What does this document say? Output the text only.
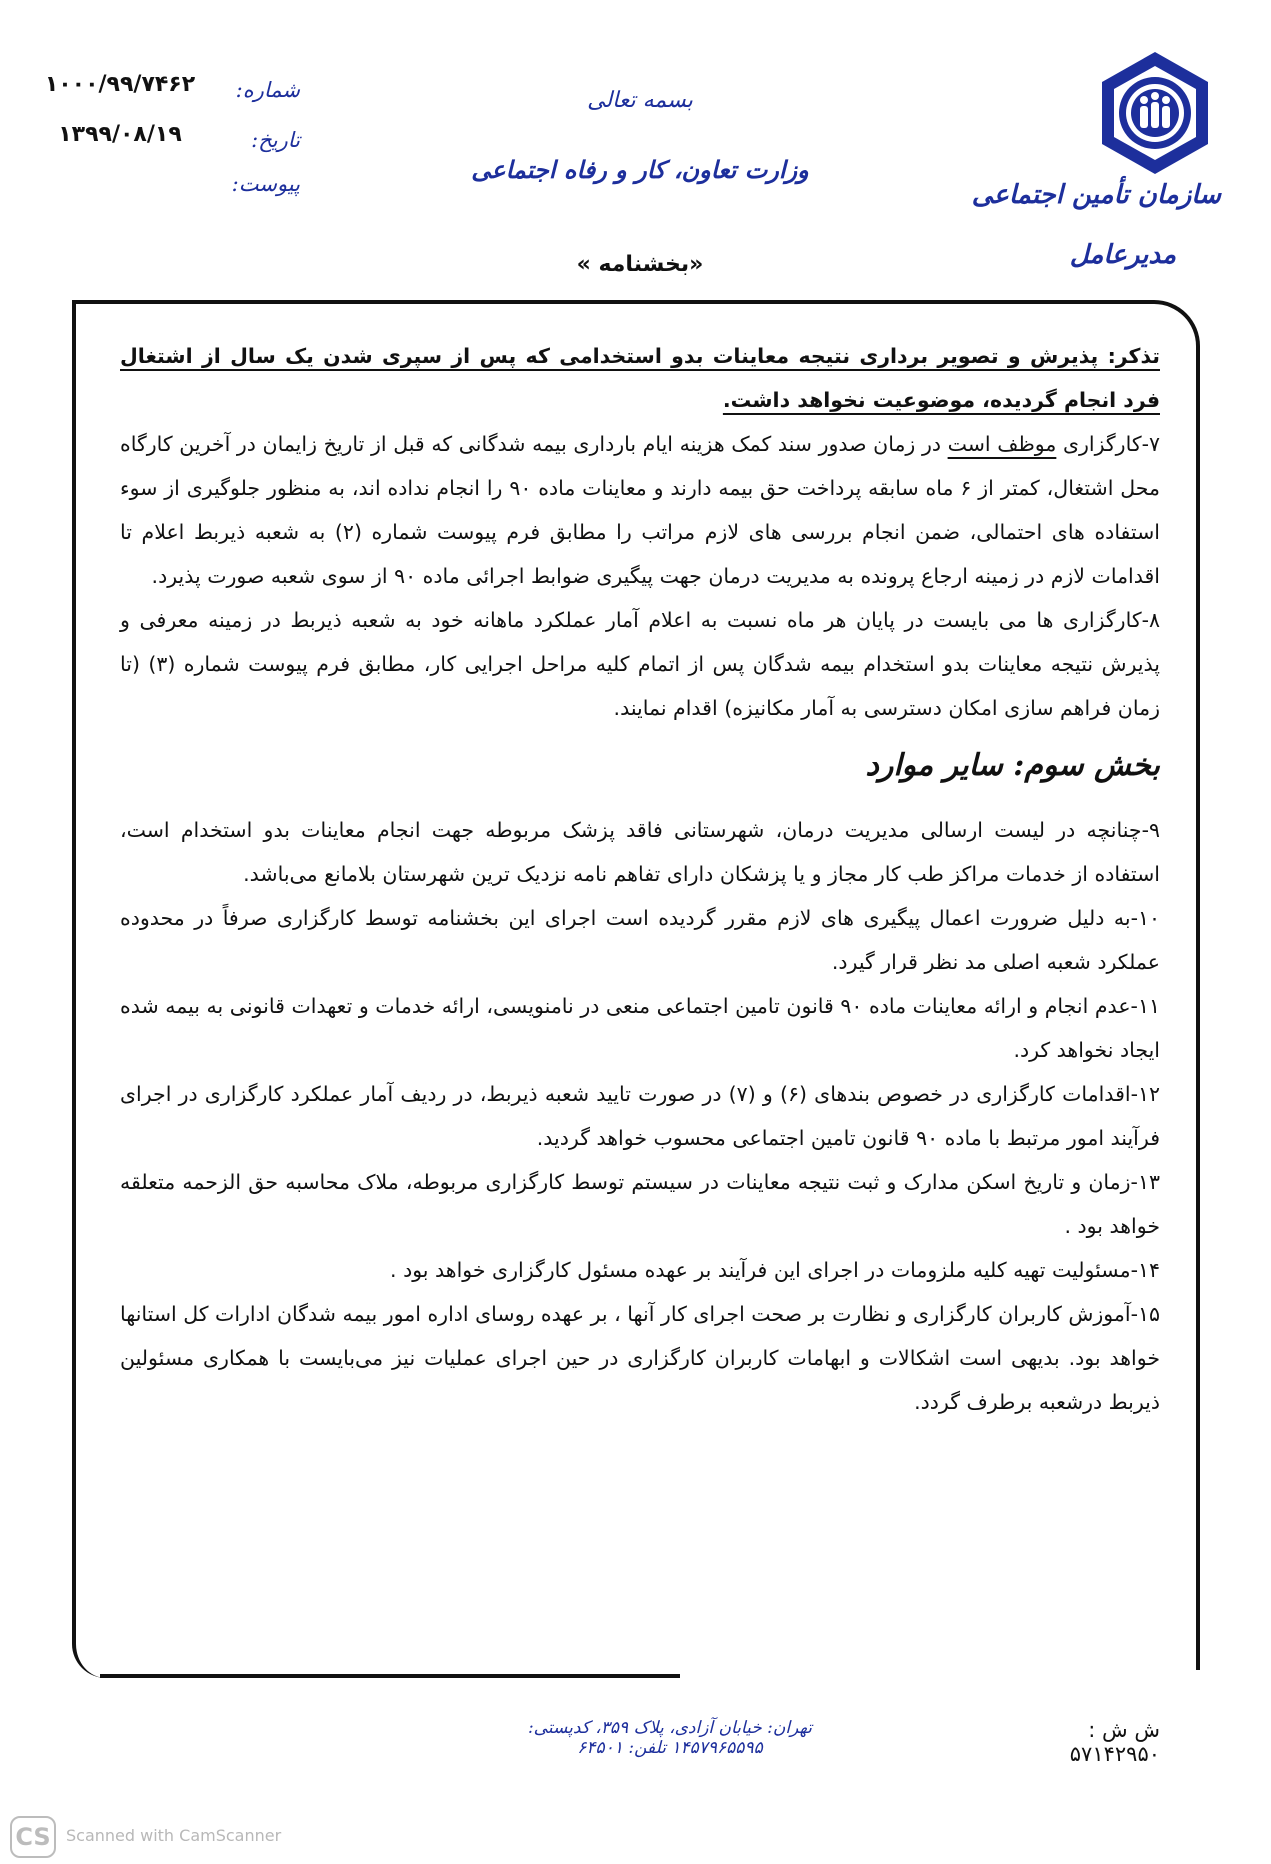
سازمان تأمین اجتماعی
مدیرعامل
بسمه تعالی
وزارت تعاون، کار و رفاه اجتماعی
«بخشنامه »
شماره:
۱۰۰۰/۹۹/۷۴۶۲
تاریخ:
۱۳۹۹/۰۸/۱۹
پیوست:

تذکر: پذیرش و تصویر برداری نتیجه معاینات بدو استخدامی که پس از سپری شدن یک سال از اشتغال فرد انجام گردیده، موضوعیت نخواهد داشت.

۷-کارگزاری موظف است در زمان صدور سند کمک هزینه ایام بارداری بیمه شدگانی که قبل از تاریخ زایمان در آخرین کارگاه محل اشتغال، کمتر از ۶ ماه سابقه پرداخت حق بیمه دارند و معاینات ماده ۹۰ را انجام نداده اند، به منظور جلوگیری از سوء استفاده های احتمالی، ضمن انجام بررسی های لازم مراتب را مطابق فرم پیوست شماره (۲) به شعبه ذیربط اعلام تا اقدامات لازم در زمینه ارجاع پرونده به مدیریت درمان جهت پیگیری ضوابط اجرائی ماده ۹۰ از سوی شعبه صورت پذیرد.

۸-کارگزاری ها می بایست در پایان هر ماه نسبت به اعلام آمار عملکرد ماهانه خود به شعبه ذیربط در زمینه معرفی و پذیرش نتیجه معاینات بدو استخدام بیمه شدگان پس از اتمام کلیه مراحل اجرایی کار، مطابق فرم پیوست شماره (۳) (تا زمان فراهم سازی امکان دسترسی به آمار مکانیزه) اقدام نمایند.

بخش سوم: سایر موارد

۹-چنانچه در لیست ارسالی مدیریت درمان، شهرستانی فاقد پزشک مربوطه جهت انجام معاینات بدو استخدام است، استفاده از خدمات مراکز طب کار مجاز و یا پزشکان دارای تفاهم نامه نزدیک ترین شهرستان بلامانع می‌باشد.

۱۰-به دلیل ضرورت اعمال پیگیری های لازم مقرر گردیده است اجرای این بخشنامه توسط کارگزاری صرفاً در محدوده عملکرد شعبه اصلی مد نظر قرار گیرد.

۱۱-عدم انجام و ارائه معاینات ماده ۹۰ قانون تامین اجتماعی منعی در نامنویسی، ارائه خدمات و تعهدات قانونی به بیمه شده ایجاد نخواهد کرد.

۱۲-اقدامات کارگزاری در خصوص بندهای (۶) و (۷) در صورت تایید شعبه ذیربط، در ردیف آمار عملکرد کارگزاری در اجرای فرآیند امور مرتبط با ماده ۹۰ قانون تامین اجتماعی محسوب خواهد گردید.

۱۳-زمان و تاریخ اسکن مدارک و ثبت نتیجه معاینات در سیستم توسط کارگزاری مربوطه، ملاک محاسبه حق الزحمه متعلقه خواهد بود .

۱۴-مسئولیت تهیه کلیه ملزومات در اجرای این فرآیند بر عهده مسئول کارگزاری خواهد بود .

۱۵-آموزش کاربران کارگزاری و نظارت بر صحت اجرای کار آنها ، بر عهده روسای اداره امور بیمه شدگان ادارات کل استانها خواهد بود. بدیهی است اشکالات و ابهامات کاربران کارگزاری در حین اجرای عملیات نیز می‌بایست با همکاری مسئولین ذیربط درشعبه برطرف گردد.

تهران: خیابان آزادی، پلاک ۳۵۹، کدپستی: ۱۴۵۷۹۶۵۵۹۵ تلفن: ۶۴۵۰۱
ش ش : ۵۷۱۴۲۹۵۰
CS Scanned with CamScanner
